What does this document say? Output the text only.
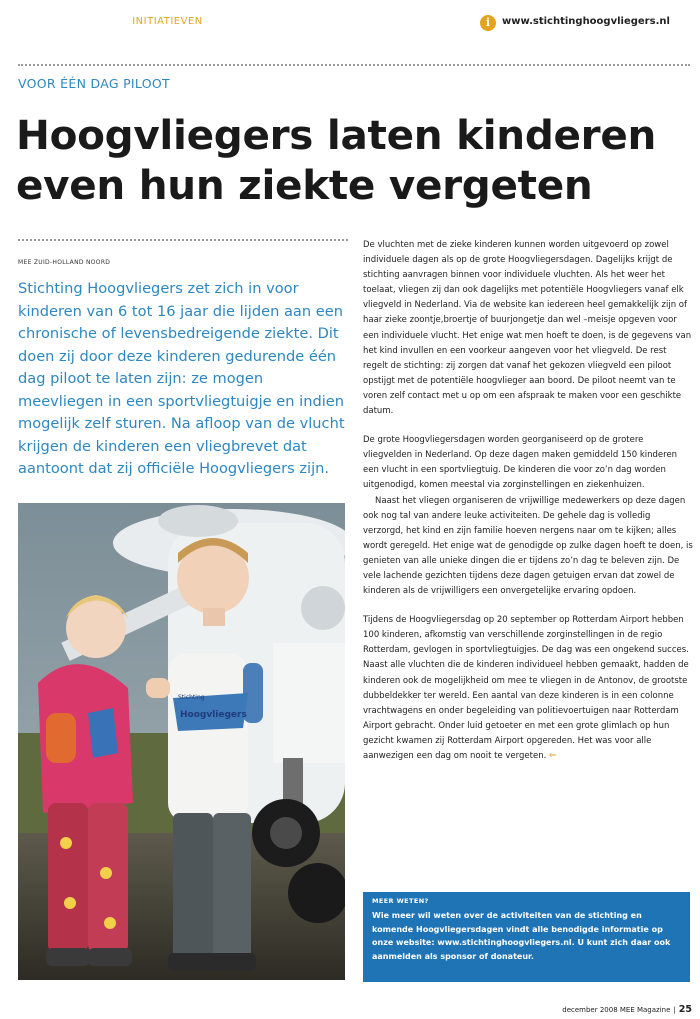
INITIATIEVEN	i	www.stichtinghoogvliegers.nl
VOOR ÉÉN DAG PILOOT
Hoogvliegers laten kinderen even hun ziekte vergeten
MEE ZUID-HOLLAND NOORD

Stichting Hoogvliegers zet zich in voor kinderen van 6 tot 16 jaar die lijden aan een chronische of levensbedreigende ziekte. Dit doen zij door deze kinderen gedurende één dag piloot te laten zijn: ze mogen meevliegen in een sportvliegtuigje en indien mogelijk zelf sturen. Na afloop van de vlucht krijgen de kinderen een vliegbrevet dat aantoont dat zij officiële Hoogvliegers zijn.

Hoogvliegers
Stichting

De vluchten met de zieke kinderen kunnen worden uitgevoerd op zowel individuele dagen als op de grote Hoogvliegersdagen. Dagelijks krijgt de stichting aanvragen binnen voor individuele vluchten. Als het weer het toelaat, vliegen zij dan ook dagelijks met potentiële Hoogvliegers vanaf elk vliegveld in Nederland. Via de website kan iedereen heel gemakkelijk zijn of haar zieke zoontje,broertje of buurjongetje dan wel –meisje opgeven voor een individuele vlucht. Het enige wat men hoeft te doen, is de gegevens van het kind invullen en een voorkeur aangeven voor het vliegveld. De rest regelt de stichting: zij zorgen dat vanaf het gekozen vliegveld een piloot opstijgt met de potentiële hoogvlieger aan boord. De piloot neemt van te voren zelf contact met u op om een afspraak te maken voor een geschikte datum.

De grote Hoogvliegersdagen worden georganiseerd op de grotere vliegvelden in Nederland. Op deze dagen maken gemiddeld 150 kinderen een vlucht in een sportvliegtuig. De kinderen die voor zo’n dag worden uitgenodigd, komen meestal via zorginstellingen en ziekenhuizen.

Naast het vliegen organiseren de vrijwillige medewerkers op deze dagen ook nog tal van andere leuke activiteiten. De gehele dag is volledig verzorgd, het kind en zijn familie hoeven nergens naar om te kijken; alles wordt geregeld. Het enige wat de genodigde op zulke dagen hoeft te doen, is genieten van alle unieke dingen die er tijdens zo’n dag te beleven zijn. De vele lachende gezichten tijdens deze dagen getuigen ervan dat zowel de kinderen als de vrijwilligers een onvergetelijke ervaring opdoen.

Tijdens de Hoogvliegersdag op 20 september op Rotterdam Airport hebben 100 kinderen, afkomstig van verschillende zorginstellingen in de regio Rotterdam, gevlogen in sportvliegtuigjes. De dag was een ongekend succes. Naast alle vluchten die de kinderen individueel hebben gemaakt, hadden de kinderen ook de mogelijkheid om mee te vliegen in de Antonov, de grootste dubbeldekker ter wereld. Een aantal van deze kinderen is in een colonne vrachtwagens en onder begeleiding van politievoertuigen naar Rotterdam Airport gebracht. Onder luid getoeter en met een grote glimlach op hun gezicht kwamen zij Rotterdam Airport opgereden. Het was voor alle aanwezigen een dag om nooit te vergeten. ⇐

MEER WETEN?

Wie meer wil weten over de activiteiten van de stichting en komende Hoogvliegersdagen vindt alle benodigde informatie op onze website: www.stichtinghoogvliegers.nl. U kunt zich daar ook aanmelden als sponsor of donateur.

december 2008 MEE Magazine | 25
